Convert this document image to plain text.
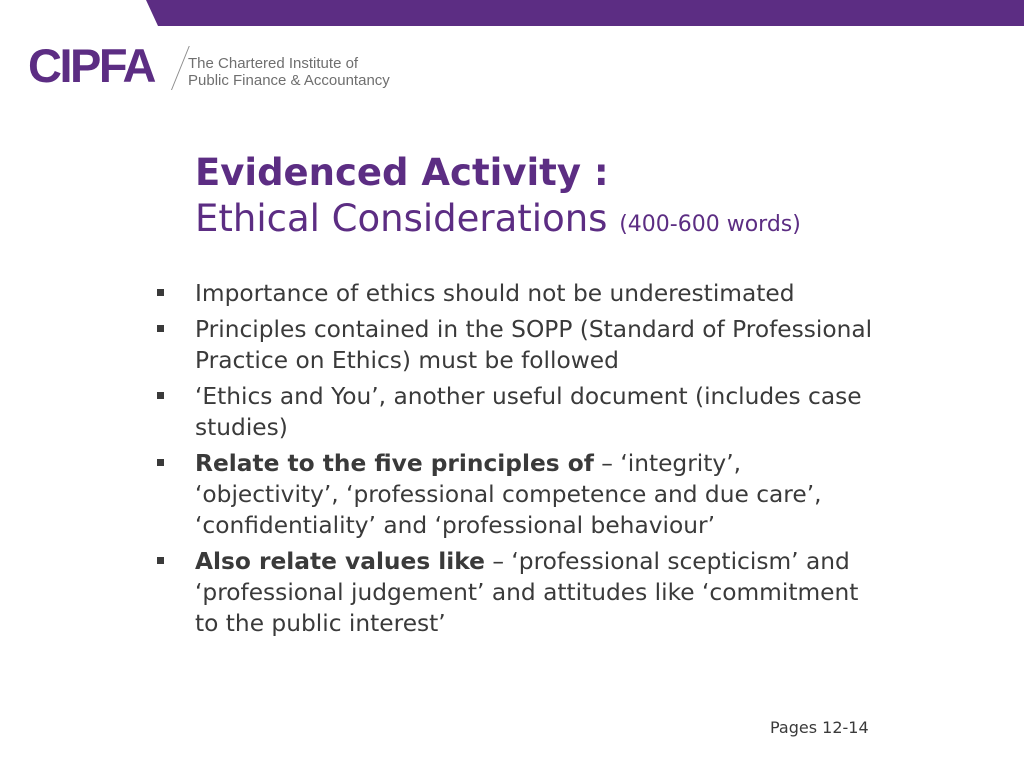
CIPFA The Chartered Institute of
Public Finance & Accountancy
Evidenced Activity :
Ethical Considerations (400-600 words)
Importance of ethics should not be underestimated
Principles contained in the SOPP (Standard of Professional Practice on Ethics) must be followed
‘Ethics and You’, another useful document (includes case studies)
Relate to the five principles of – ‘integrity’, ‘objectivity’, ‘professional competence and due care’, ‘confidentiality’ and ‘professional behaviour’
Also relate values like – ‘professional scepticism’ and ‘professional judgement’ and attitudes like ‘commitment to the public interest’
Pages 12-14
